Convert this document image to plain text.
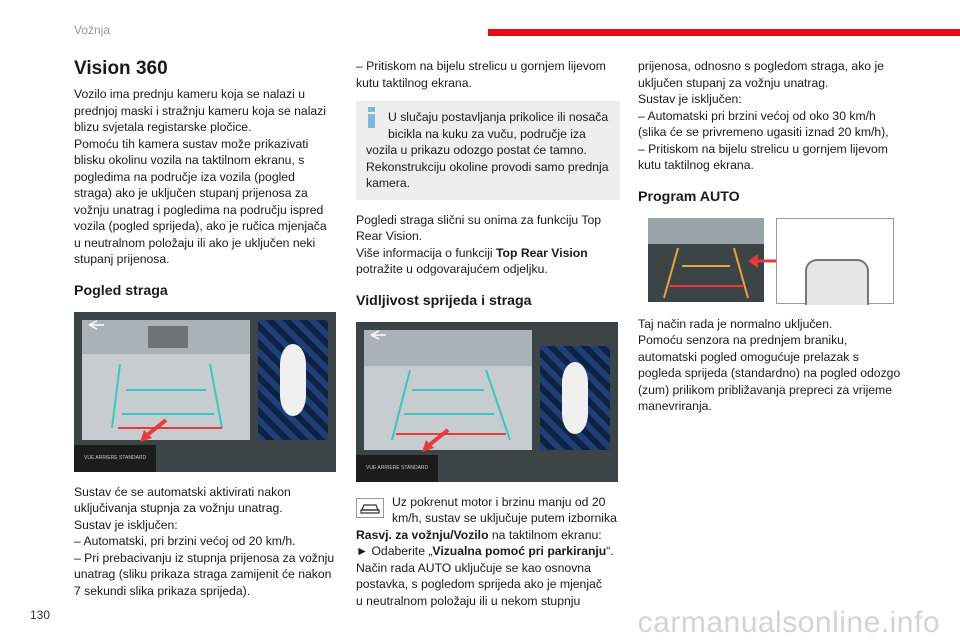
Vožnja
Vision 360

Vozilo ima prednju kameru koja se nalazi u
prednjoj maski i stražnju kameru koja se nalazi
blizu svjetala registarske pločice.
Pomoću tih kamera sustav može prikazivati
blisku okolinu vozila na taktilnom ekranu, s
pogledima na područje iza vozila (pogled
straga) ako je uključen stupanj prijenosa za
vožnju unatrag i pogledima na području ispred
vozila (pogled sprijeda), ako je ručica mjenjača
u neutralnom položaju ili ako je uključen neki
stupanj prijenosa.

Pogled straga
VUE ARRIERE STANDARD

Sustav će se automatski aktivirati nakon
uključivanja stupnja za vožnju unatrag.
Sustav je isključen:
– Automatski, pri brzini većoj od 20 km/h.
– Pri prebacivanju iz stupnja prijenosa za vožnju
unatrag (sliku prikaza straga zamijenit će nakon
7 sekundi slika prikaza sprijeda).

– Pritiskom na bijelu strelicu u gornjem lijevom
kutu taktilnog ekrana.

U slučaju postavljanja prikolice ili nosača
bicikla na kuku za vuču, područje iza
vozila u prikazu odozgo postat će tamno.
Rekonstrukciju okoline provodi samo prednja
kamera.

Pogledi straga slični su onima za funkciju Top
Rear Vision.
Više informacija o funkciji Top Rear Vision
potražite u odgovarajućem odjeljku.

Vidljivost sprijeda i straga
VUE ARRIERE STANDARD
Uz pokrenut motor i brzinu manju od 20
km/h, sustav se uključuje putem izbornika

Rasvj. za vožnju/Vozilo na taktilnom ekranu:
► Odaberite „Vizualna pomoć pri parkiranju“.
Način rada AUTO uključuje se kao osnovna
postavka, s pogledom sprijeda ako je mjenjač
u neutralnom položaju ili u nekom stupnju

prijenosa, odnosno s pogledom straga, ako je
uključen stupanj za vožnju unatrag.
Sustav je isključen:
– Automatski pri brzini većoj od oko 30 km/h
(slika će se privremeno ugasiti iznad 20 km/h),
– Pritiskom na bijelu strelicu u gornjem lijevom
kutu taktilnog ekrana.

Program AUTO

Taj način rada je normalno uključen.
Pomoću senzora na prednjem braniku,
automatski pogled omogućuje prelazak s
pogleda sprijeda (standardno) na pogled odozgo
(zum) prilikom približavanja prepreci za vrijeme
manevriranja.

130	carmanualsonline.info
